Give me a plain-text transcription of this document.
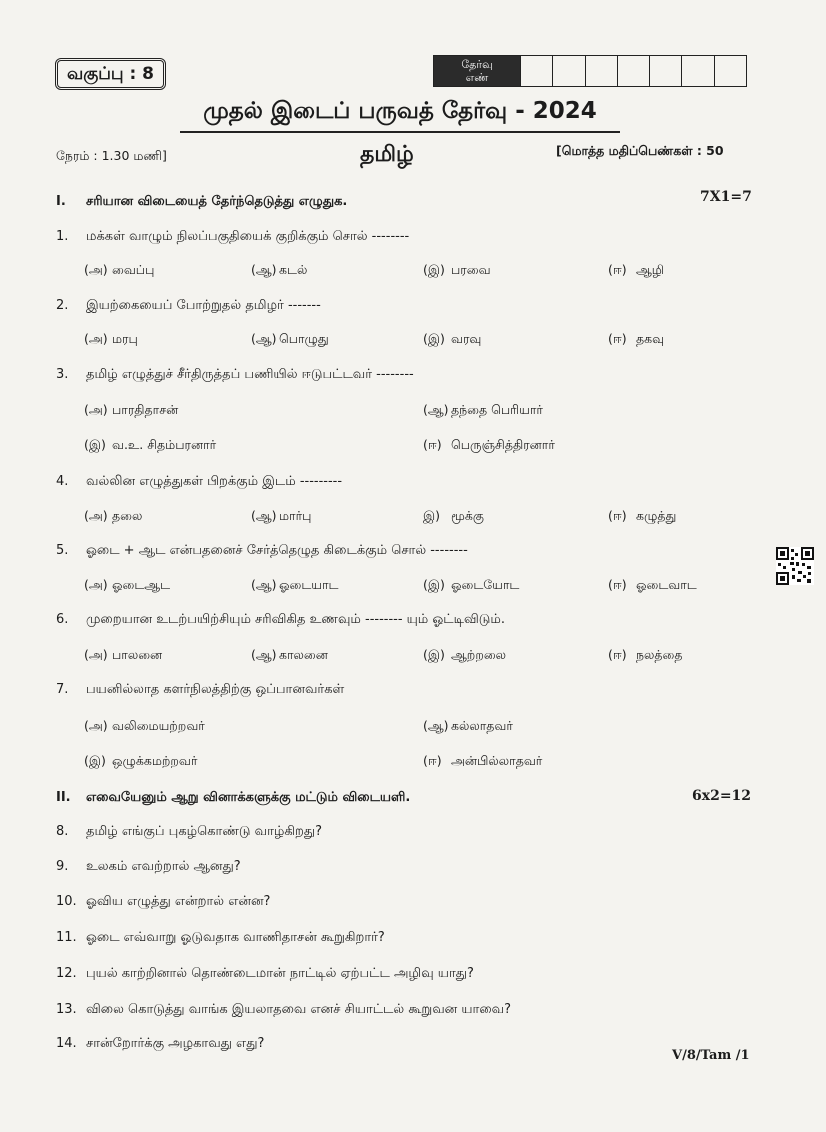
வகுப்பு : 8	தேர்வு
எண்
முதல் இடைப் பருவத் தேர்வு - 2024
நேரம் : 1.30 மணி]	தமிழ்	[மொத்த மதிப்பெண்கள் : 50
I. சரியான விடையைத் தேர்ந்தெடுத்து எழுதுக.	7X1=7
1. மக்கள் வாழும் நிலப்பகுதியைக் குறிக்கும் சொல் --------
(அ) வைப்பு	(ஆ) கடல்	(இ) பரவை	(ஈ) ஆழி
2. இயற்கையைப் போற்றுதல் தமிழர் -------
(அ) மரபு	(ஆ) பொழுது	(இ) வரவு	(ஈ) தகவு
3. தமிழ் எழுத்துச் சீர்திருத்தப் பணியில் ஈடுபட்டவர் --------
(அ) பாரதிதாசன்	(ஆ) தந்தை பெரியார்
(இ) வ.உ. சிதம்பரனார்	(ஈ) பெருஞ்சித்திரனார்
4. வல்லின எழுத்துகள் பிறக்கும் இடம் ---------
(அ) தலை	(ஆ) மார்பு	இ) மூக்கு	(ஈ) கழுத்து
5. ஓடை + ஆட என்பதனைச் சேர்த்தெழுத கிடைக்கும் சொல் --------
(அ) ஓடைஆட	(ஆ) ஓடையாட	(இ) ஓடையோட	(ஈ) ஓடைவாட
6. முறையான உடற்பயிற்சியும் சரிவிகித உணவும் -------- யும் ஓட்டிவிடும்.
(அ) பாலனை	(ஆ) காலனை	(இ) ஆற்றலை	(ஈ) நலத்தை
7. பயனில்லாத களர்நிலத்திற்கு ஒப்பானவர்கள்
(அ) வலிமையற்றவர்	(ஆ) கல்லாதவர்
(இ) ஒழுக்கமற்றவர்	(ஈ) அன்பில்லாதவர்
II. எவையேனும் ஆறு வினாக்களுக்கு மட்டும் விடையளி.	6x2=12
8. தமிழ் எங்குப் புகழ்கொண்டு வாழ்கிறது?
9. உலகம் எவற்றால் ஆனது?
10. ஓவிய எழுத்து என்றால் என்ன?
11. ஓடை எவ்வாறு ஓடுவதாக வாணிதாசன் கூறுகிறார்?
12. புயல் காற்றினால் தொண்டைமான் நாட்டில் ஏற்பட்ட அழிவு யாது?
13. விலை கொடுத்து வாங்க இயலாதவை எனச் சியாட்டல் கூறுவன யாவை?
14. சான்றோர்க்கு அழகாவது எது?
V/8/Tam /1
